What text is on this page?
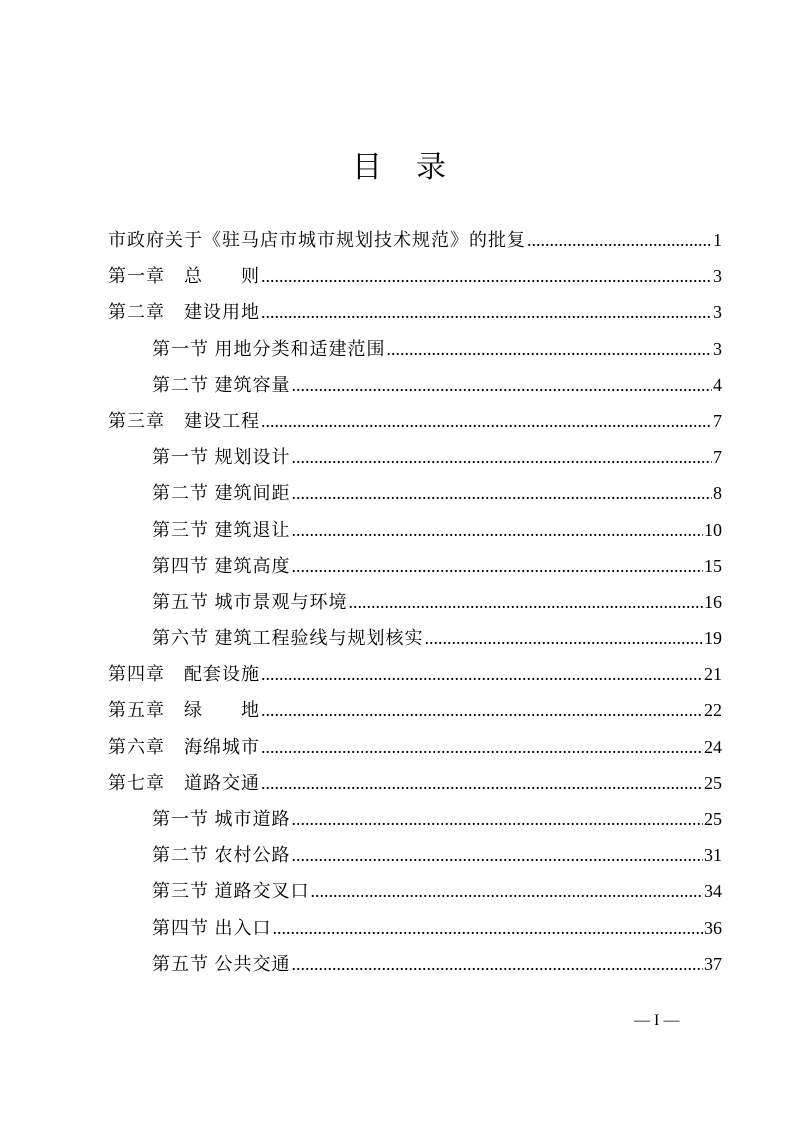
目　录
市政府关于《驻马店市城市规划技术规范》的批复 .....	1
第一章　总　　则 .....	3
第二章　建设用地 .....	3
第一节 用地分类和适建范围 .....	3
第二节 建筑容量 .....	4
第三章　建设工程 .....	7
第一节 规划设计 .....	7
第二节 建筑间距 .....	8
第三节 建筑退让 .....	10
第四节 建筑高度 .....	15
第五节 城市景观与环境 .....	16
第六节 建筑工程验线与规划核实 .....	19
第四章　配套设施 .....	21
第五章　绿　　地 .....	22
第六章　海绵城市 .....	24
第七章　道路交通 .....	25
第一节 城市道路 .....	25
第二节 农村公路 .....	31
第三节 道路交叉口 .....	34
第四节 出入口 .....	36
第五节 公共交通 .....	37
— I —
